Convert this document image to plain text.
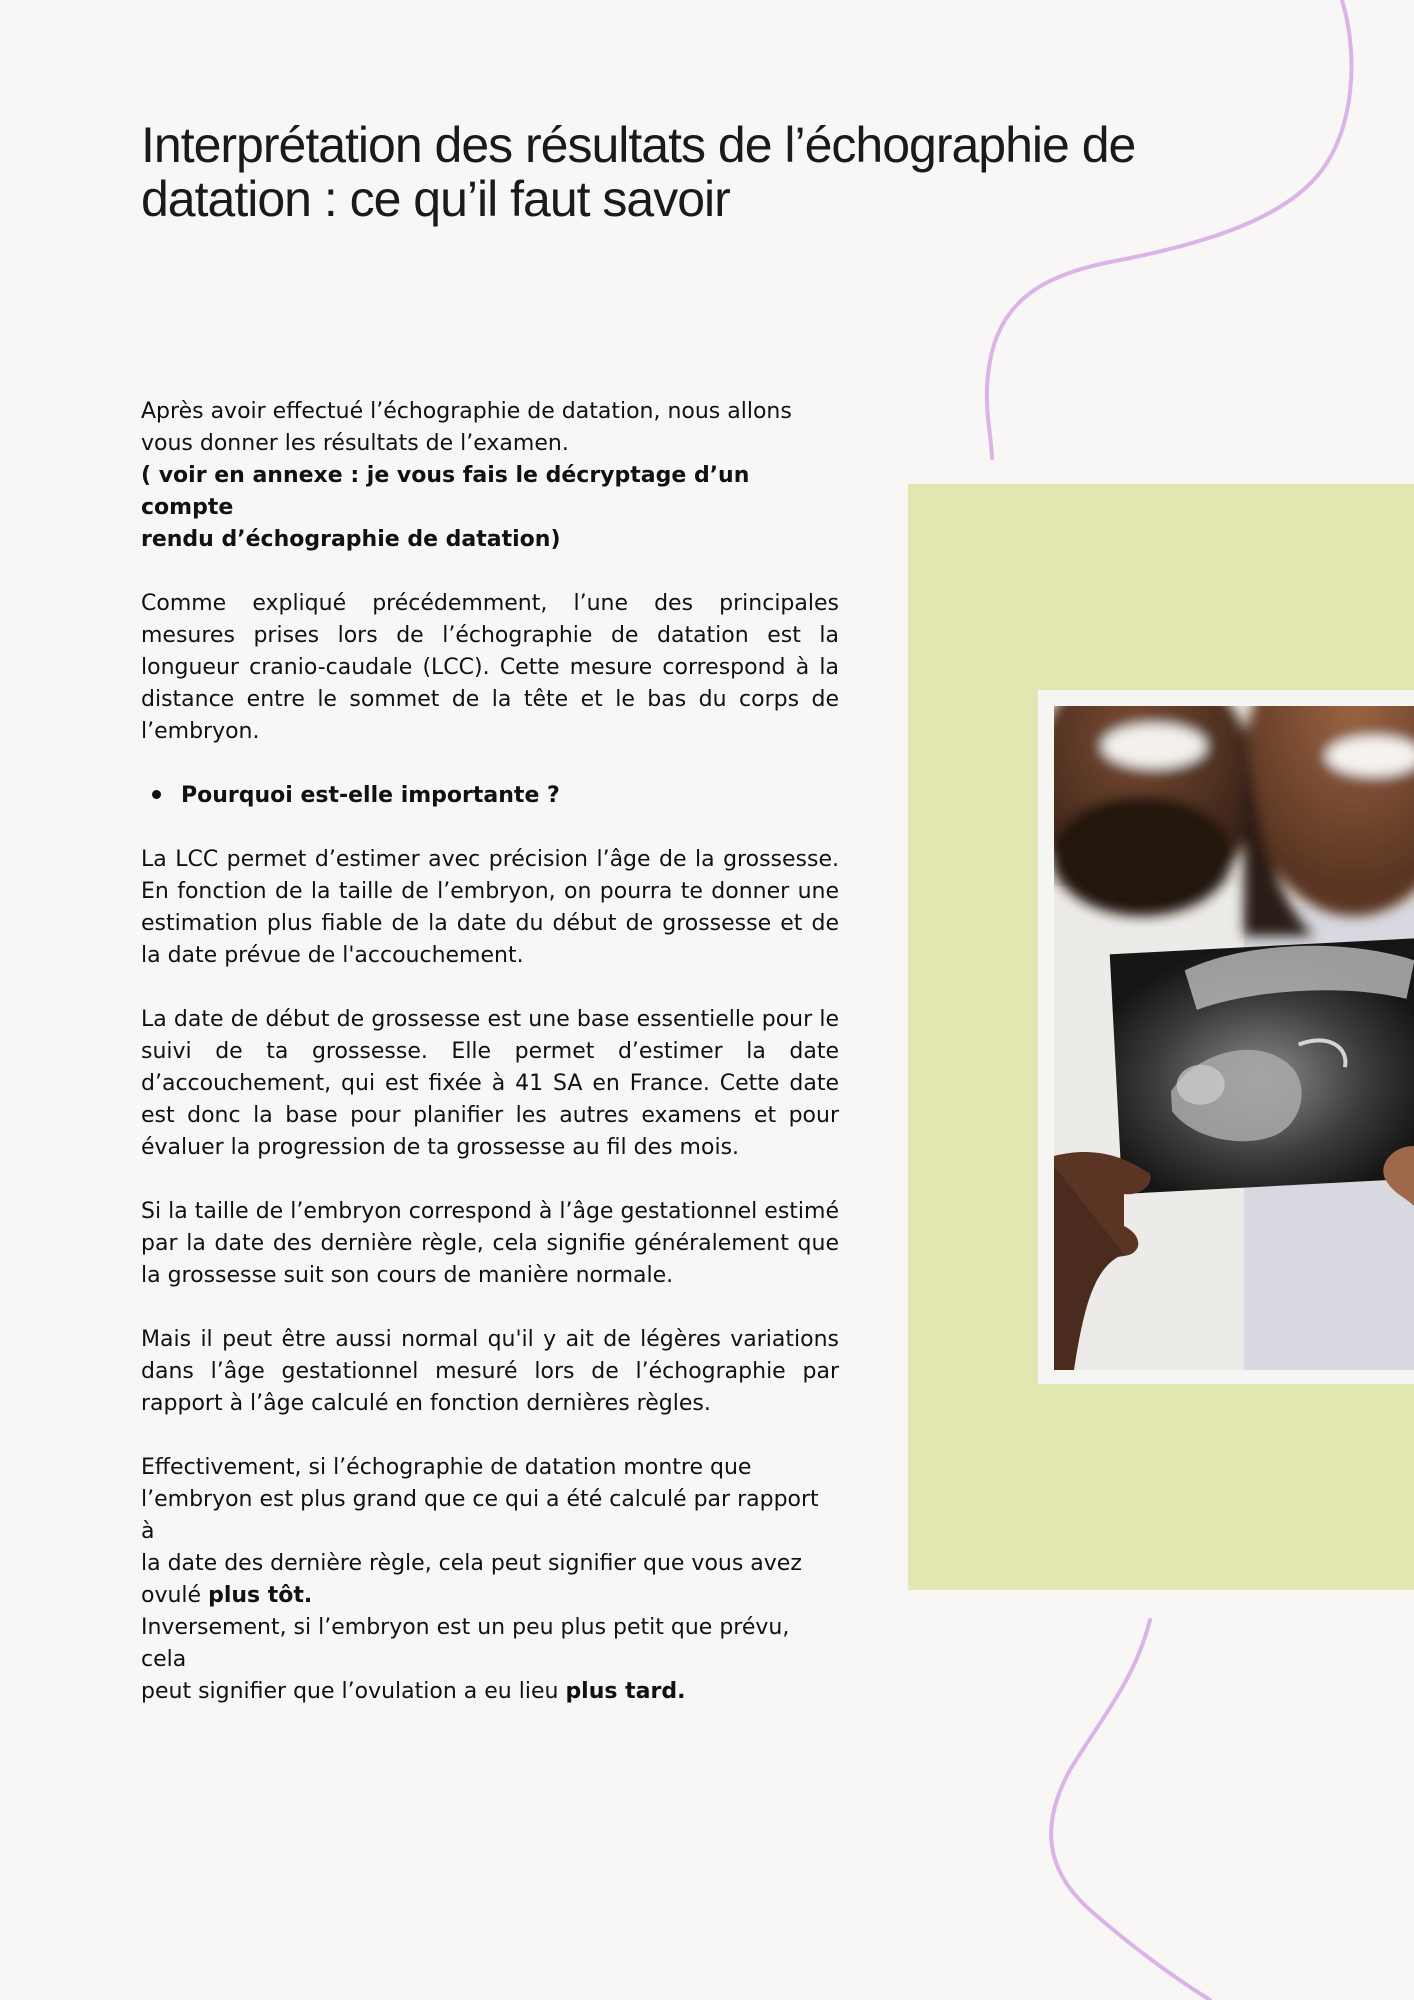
Interprétation des résultats de l’échographie de
datation : ce qu’il faut savoir

Après avoir effectué l’échographie de datation, nous allons
vous donner les résultats de l’examen.
( voir en annexe : je vous fais le décryptage d’un compte
rendu d’échographie de datation)

Comme expliqué précédemment, l’une des principales mesures prises lors de l’échographie de datation est la longueur cranio-caudale (LCC). Cette mesure correspond à la distance entre le sommet de la tête et le bas du corps de l’embryon.

Pourquoi est-elle importante ?

La LCC permet d’estimer avec précision l’âge de la grossesse. En fonction de la taille de l’embryon, on pourra te donner une estimation plus fiable de la date du début de grossesse et de la date prévue de l'accouchement.

La date de début de grossesse est une base essentielle pour le suivi de ta grossesse. Elle permet d’estimer la date d’accouchement, qui est fixée à 41 SA en France. Cette date est donc la base pour planifier les autres examens et pour évaluer la progression de ta grossesse au fil des mois.

Si la taille de l’embryon correspond à l’âge gestationnel estimé par la date des dernière règle, cela signifie généralement que la grossesse suit son cours de manière normale.

Mais il peut être aussi normal qu'il y ait de légères variations dans l’âge gestationnel mesuré lors de l’échographie par rapport à l’âge calculé en fonction dernières règles.

Effectivement, si l’échographie de datation montre que
l’embryon est plus grand que ce qui a été calculé par rapport à
la date des dernière règle, cela peut signifier que vous avez
ovulé plus tôt.
Inversement, si l’embryon est un peu plus petit que prévu, cela
peut signifier que l’ovulation a eu lieu plus tard.
